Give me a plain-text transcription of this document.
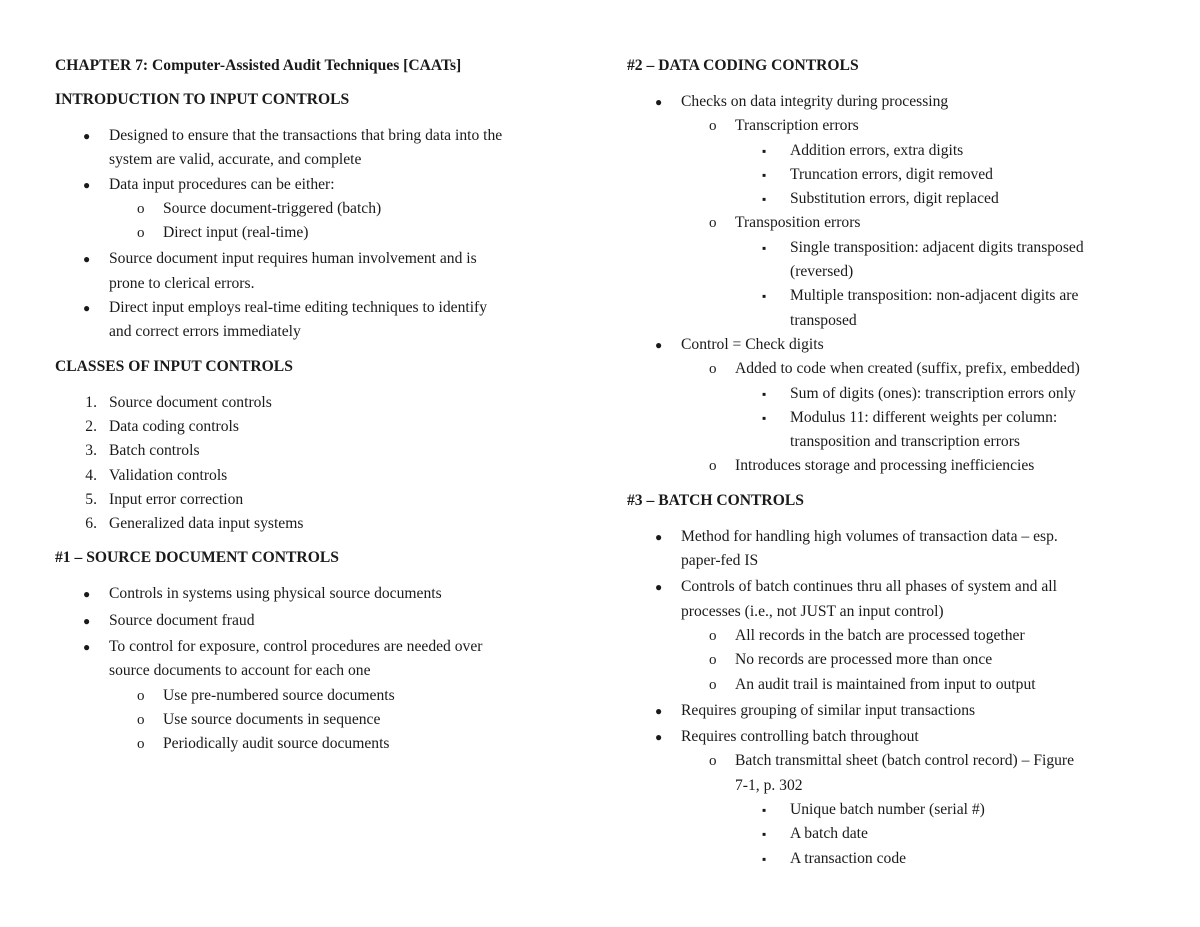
CHAPTER 7: Computer-Assisted Audit Techniques [CAATs]

INTRODUCTION TO INPUT CONTROLS

● Designed to ensure that the transactions that bring data into the
system are valid, accurate, and complete
● Data input procedures can be either:
o Source document-triggered (batch)
o Direct input (real-time)
● Source document input requires human involvement and is
prone to clerical errors.
● Direct input employs real-time editing techniques to identify
and correct errors immediately

CLASSES OF INPUT CONTROLS

1. Source document controls
2. Data coding controls
3. Batch controls
4. Validation controls
5. Input error correction
6. Generalized data input systems

#1 – SOURCE DOCUMENT CONTROLS

● Controls in systems using physical source documents
● Source document fraud
● To control for exposure, control procedures are needed over
source documents to account for each one
o Use pre-numbered source documents
o Use source documents in sequence
o Periodically audit source documents

#2 – DATA CODING CONTROLS

● Checks on data integrity during processing
o Transcription errors
▪ Addition errors, extra digits
▪ Truncation errors, digit removed
▪ Substitution errors, digit replaced
o Transposition errors
▪ Single transposition: adjacent digits transposed
(reversed)
▪ Multiple transposition: non-adjacent digits are
transposed
● Control = Check digits
o Added to code when created (suffix, prefix, embedded)
▪ Sum of digits (ones): transcription errors only
▪ Modulus 11: different weights per column:
transposition and transcription errors
o Introduces storage and processing inefficiencies

#3 – BATCH CONTROLS

● Method for handling high volumes of transaction data – esp.
paper-fed IS
● Controls of batch continues thru all phases of system and all
processes (i.e., not JUST an input control)
o All records in the batch are processed together
o No records are processed more than once
o An audit trail is maintained from input to output
● Requires grouping of similar input transactions
● Requires controlling batch throughout
o Batch transmittal sheet (batch control record) – Figure
7-1, p. 302
▪ Unique batch number (serial #)
▪ A batch date
▪ A transaction code
